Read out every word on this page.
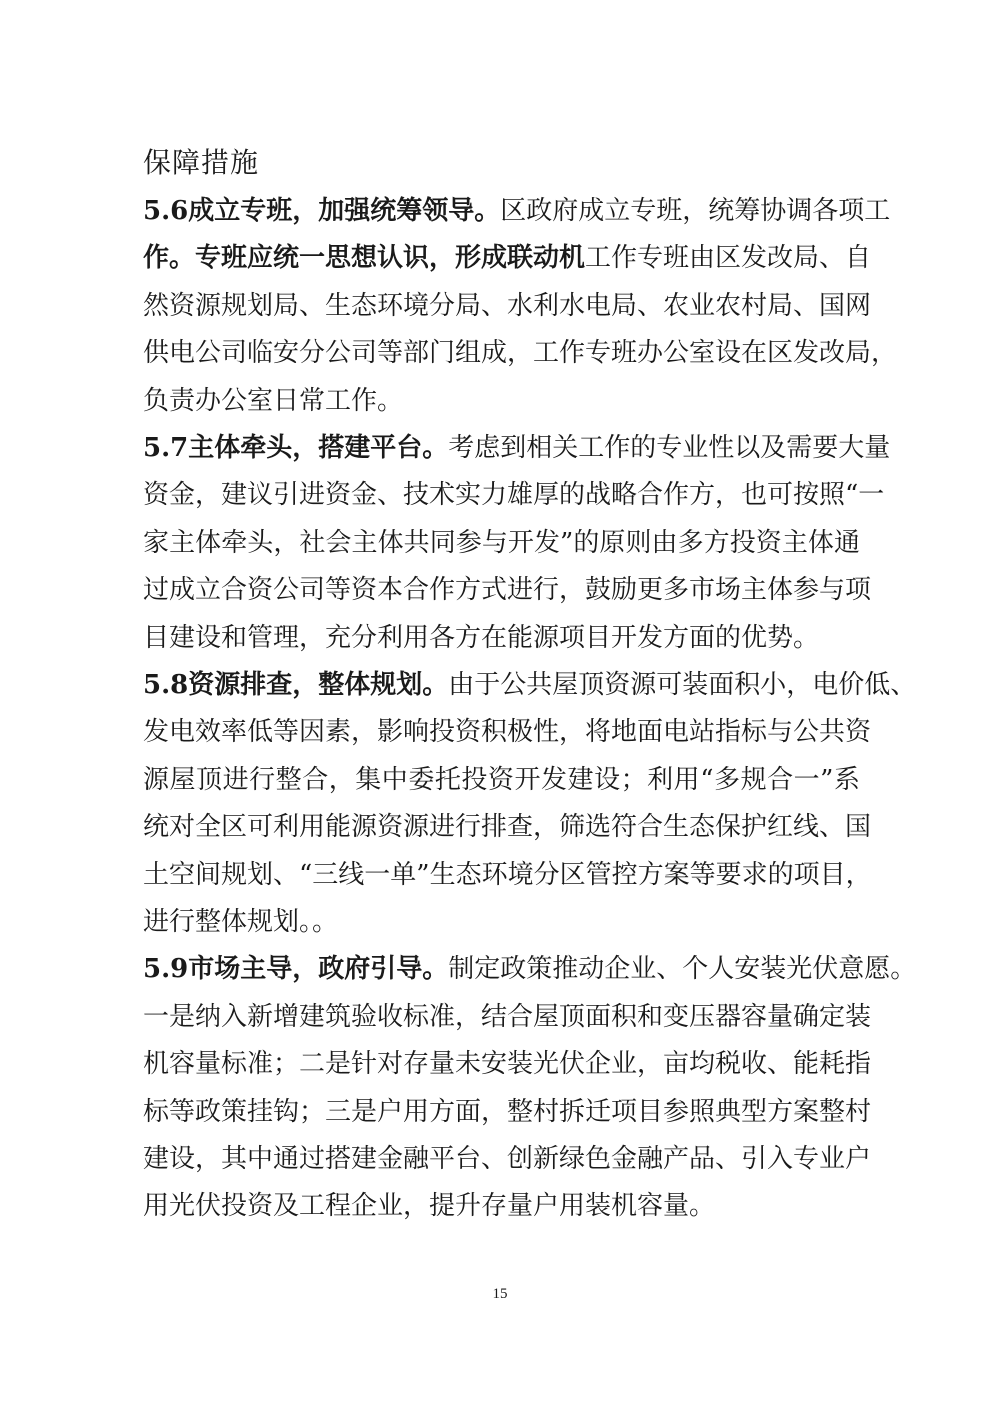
保障措施
5.6成立专班，加强统筹领导。区政府成立专班，统筹协调各项工
作。专班应统一思想认识，形成联动机工作专班由区发改局、自
然资源规划局、生态环境分局、水利水电局、农业农村局、国网
供电公司临安分公司等部门组成，工作专班办公室设在区发改局，
负责办公室日常工作。
5.7主体牵头，搭建平台。考虑到相关工作的专业性以及需要大量
资金，建议引进资金、技术实力雄厚的战略合作方，也可按照“一
家主体牵头，社会主体共同参与开发”的原则由多方投资主体通
过成立合资公司等资本合作方式进行，鼓励更多市场主体参与项
目建设和管理，充分利用各方在能源项目开发方面的优势。
5.8资源排查，整体规划。由于公共屋顶资源可装面积小，电价低、
发电效率低等因素，影响投资积极性，将地面电站指标与公共资
源屋顶进行整合，集中委托投资开发建设；利用“多规合一”系
统对全区可利用能源资源进行排查，筛选符合生态保护红线、国
土空间规划、“三线一单”生态环境分区管控方案等要求的项目，
进行整体规划。。
5.9市场主导，政府引导。制定政策推动企业、个人安装光伏意愿。
一是纳入新增建筑验收标准，结合屋顶面积和变压器容量确定装
机容量标准；二是针对存量未安装光伏企业，亩均税收、能耗指
标等政策挂钩；三是户用方面，整村拆迁项目参照典型方案整村
建设，其中通过搭建金融平台、创新绿色金融产品、引入专业户
用光伏投资及工程企业，提升存量户用装机容量。
15
